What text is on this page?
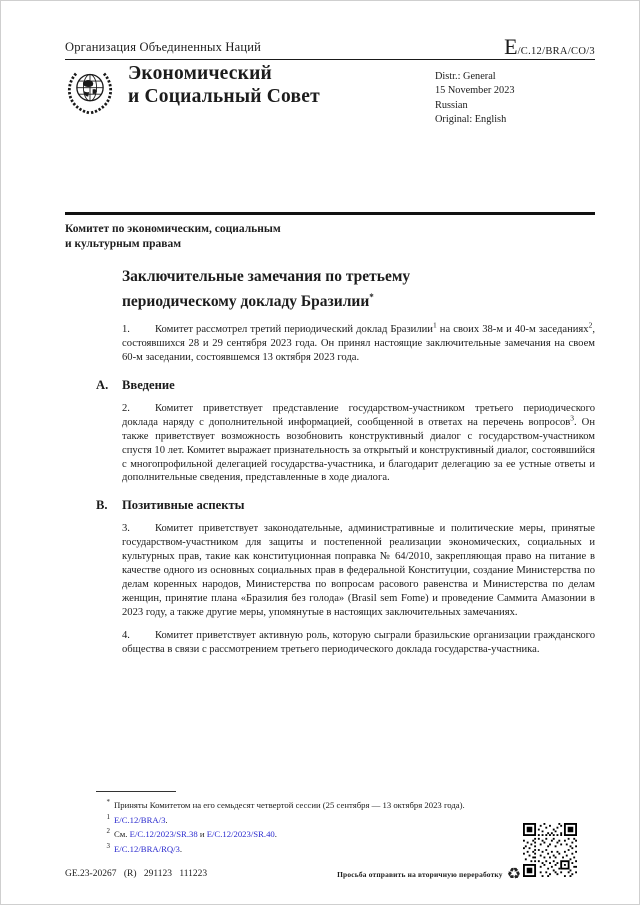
Организация Объединенных Наций	E /C.12/BRA/CO/3
Экономический
и Социальный Совет
Distr.: General
15 November 2023
Russian
Original: English
Комитет по экономическим, социальным
и культурным правам
Заключительные замечания по третьему
периодическому докладу Бразилии*

1. Комитет рассмотрел третий периодический доклад Бразилии$^1$ на своих 38-м и 40-м заседаниях$^2$, состоявшихся 28 и 29 сентября 2023 года. Он принял настоящие заключительные замечания на своем 60-м заседании, состоявшемся 13 октября 2023 года.

A. Введение

2. Комитет приветствует представление государством-участником третьего периодического доклада наряду с дополнительной информацией, сообщенной в ответах на перечень вопросов$^3$. Он также приветствует возможность возобновить конструктивный диалог с государством-участником спустя 10 лет. Комитет выражает признательность за открытый и конструктивный диалог, состоявшийся с многопрофильной делегацией государства-участника, и благодарит делегацию за ее устные ответы и дополнительные сведения, представленные в ходе диалога.

B. Позитивные аспекты

3. Комитет приветствует законодательные, административные и политические меры, принятые государством-участником для защиты и постепенной реализации экономических, социальных и культурных прав, такие как конституционная поправка № 64/2010, закрепляющая право на питание в качестве одного из основных социальных прав в федеральной Конституции, создание Министерства по делам коренных народов, Министерства по вопросам расового равенства и Министерства по делам женщин, принятие плана «Бразилия без голода» (Brasil sem Fome) и проведение Саммита Амазонии в 2023 году, а также другие меры, упомянутые в настоящих заключительных замечаниях.

4. Комитет приветствует активную роль, которую сыграли бразильские организации гражданского общества в связи с рассмотрением третьего периодического доклада государства-участника.

* Приняты Комитетом на его семьдесят четвертой сессии (25 сентября — 13 октября 2023 года).
1 E/C.12/BRA/3.
2 См. E/C.12/2023/SR.38 и E/C.12/2023/SR.40.
3 E/C.12/BRA/RQ/3.
GE.23-20267 (R) 291123 111223	Просьба отправить на вторичную переработку ♻
